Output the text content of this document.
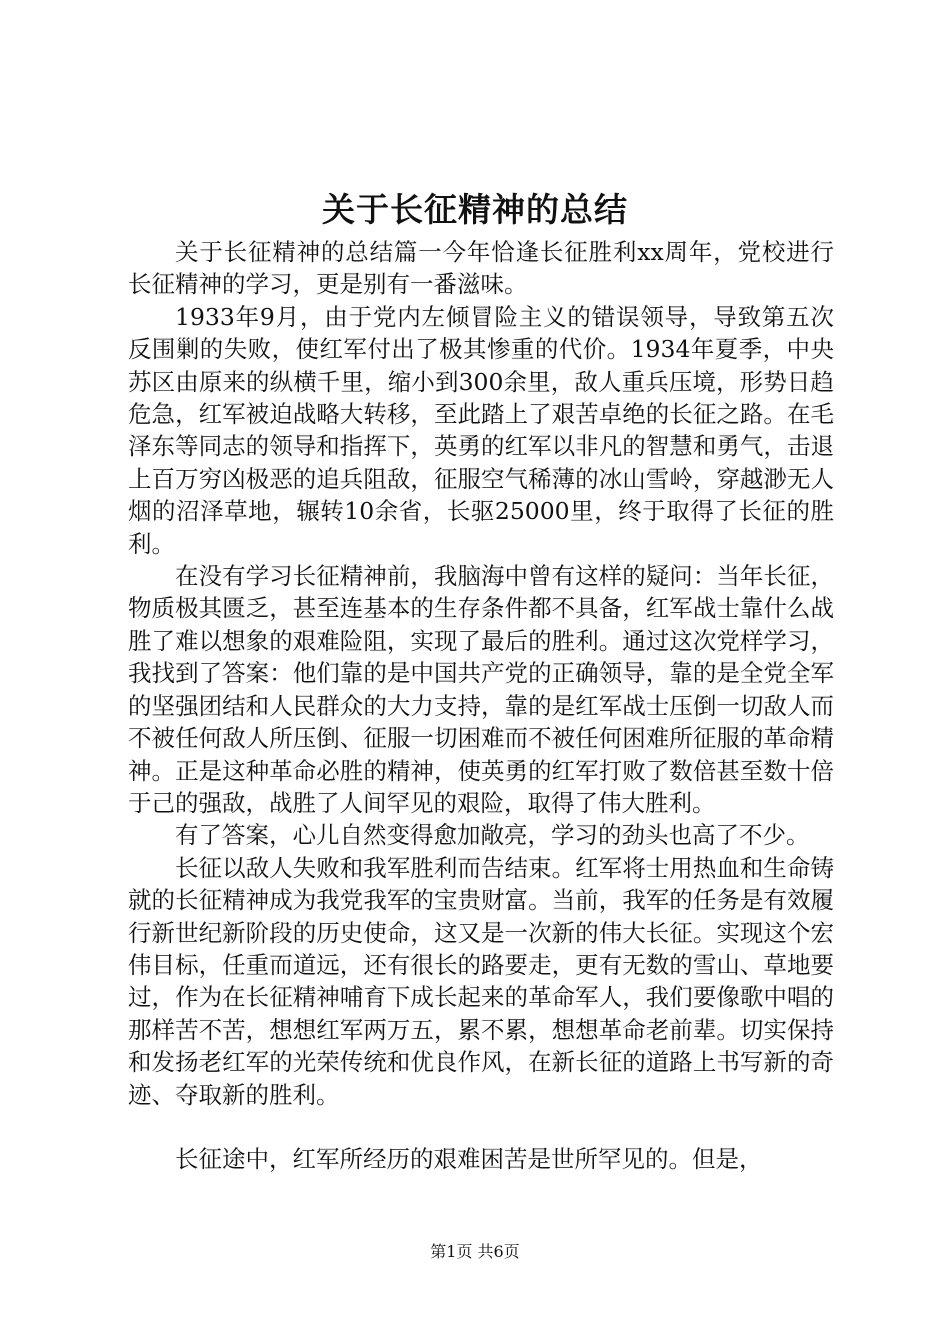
关于长征精神的总结

关于长征精神的总结篇一今年恰逢长征胜利xx周年，党校进行长征精神的学习，更是别有一番滋味。

1933年9月，由于党内左倾冒险主义的错误领导，导致第五次反围剿的失败，使红军付出了极其惨重的代价。1934年夏季，中央苏区由原来的纵横千里，缩小到300余里，敌人重兵压境，形势日趋危急，红军被迫战略大转移，至此踏上了艰苦卓绝的长征之路。在毛泽东等同志的领导和指挥下，英勇的红军以非凡的智慧和勇气，击退上百万穷凶极恶的追兵阻敌，征服空气稀薄的冰山雪岭，穿越渺无人烟的沼泽草地，辗转10余省，长驱25000里，终于取得了长征的胜利。

在没有学习长征精神前，我脑海中曾有这样的疑问：当年长征，物质极其匮乏，甚至连基本的生存条件都不具备，红军战士靠什么战胜了难以想象的艰难险阻，实现了最后的胜利。通过这次党样学习，我找到了答案：他们靠的是中国共产党的正确领导，靠的是全党全军的坚强团结和人民群众的大力支持，靠的是红军战士压倒一切敌人而不被任何敌人所压倒、征服一切困难而不被任何困难所征服的革命精神。正是这种革命必胜的精神，使英勇的红军打败了数倍甚至数十倍于己的强敌，战胜了人间罕见的艰险，取得了伟大胜利。

有了答案，心儿自然变得愈加敞亮，学习的劲头也高了不少。

长征以敌人失败和我军胜利而告结束。红军将士用热血和生命铸就的长征精神成为我党我军的宝贵财富。当前，我军的任务是有效履行新世纪新阶段的历史使命，这又是一次新的伟大长征。实现这个宏伟目标，任重而道远，还有很长的路要走，更有无数的雪山、草地要过，作为在长征精神哺育下成长起来的革命军人，我们要像歌中唱的那样苦不苦，想想红军两万五，累不累，想想革命老前辈。切实保持和发扬老红军的光荣传统和优良作风，在新长征的道路上书写新的奇迹、夺取新的胜利。

长征途中，红军所经历的艰难困苦是世所罕见的。但是，

第1页 共6页
